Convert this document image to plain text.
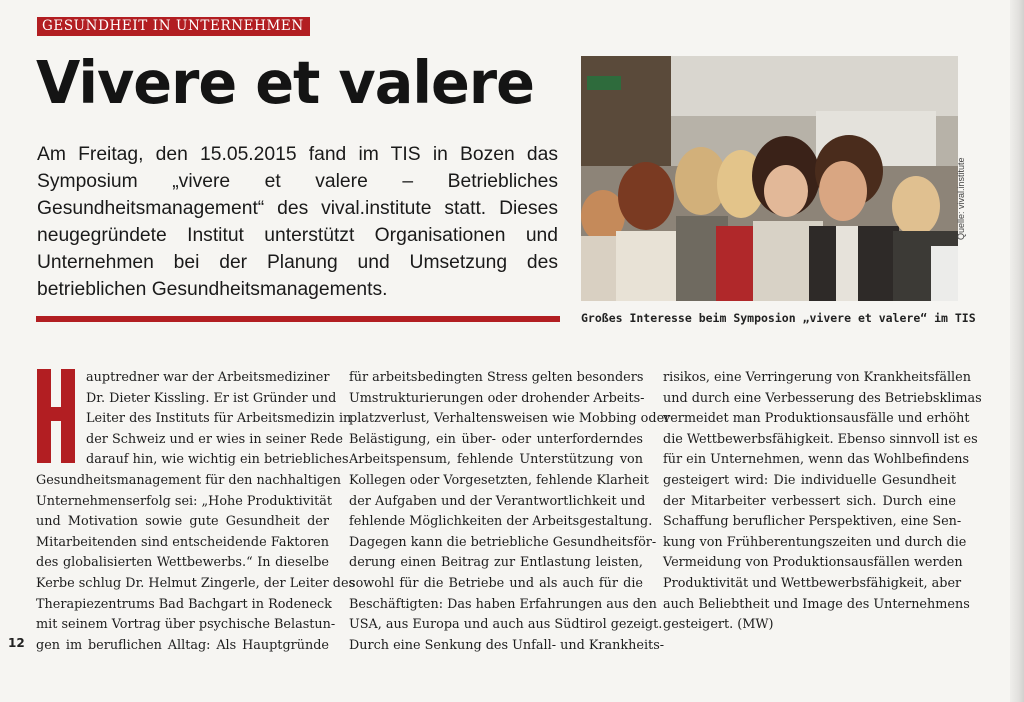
GESUNDHEIT IN UNTERNEHMEN
Vivere et valere

Am Freitag, den 15.05.2015 fand im TIS in Bozen das Symposium „vivere et valere – Betriebliches Gesundheitsmanagement“ des vival.institute statt. Dieses neugegründete Institut unterstützt Organisationen und Unternehmen bei der Planung und Umsetzung des betrieblichen Gesundheitsmanagements.

Quelle: vival.institute
Großes Interesse beim Symposion „vivere et valere“ im TIS
auptredner war der Arbeitsmediziner
Dr. Dieter Kissling. Er ist Gründer und
Leiter des Instituts für Arbeitsmedizin in
der Schweiz und er wies in seiner Rede
darauf hin, wie wichtig ein betriebliches
Gesundheitsmanagement für den nachhaltigen
Unternehmenserfolg sei: „Hohe Produktivität
und Motivation sowie gute Gesundheit der
Mitarbeitenden sind entscheidende Faktoren
des globalisierten Wettbewerbs.“ In dieselbe
Kerbe schlug Dr. Helmut Zingerle, der Leiter des
Therapiezentrums Bad Bachgart in Rodeneck
mit seinem Vortrag über psychische Belastun-
gen im beruflichen Alltag: Als Hauptgründe
für arbeitsbedingten Stress gelten besonders
Umstrukturierungen oder drohender Arbeits-
platzverlust, Verhaltensweisen wie Mobbing oder
Belästigung, ein über- oder unterforderndes
Arbeitspensum, fehlende Unterstützung von
Kollegen oder Vorgesetzten, fehlende Klarheit
der Aufgaben und der Verantwortlichkeit und
fehlende Möglichkeiten der Arbeitsgestaltung.
Dagegen kann die betriebliche Gesundheitsför-
derung einen Beitrag zur Entlastung leisten,
sowohl für die Betriebe und als auch für die
Beschäftigten: Das haben Erfahrungen aus den
USA, aus Europa und auch aus Südtirol gezeigt.
Durch eine Senkung des Unfall- und Krankheits-
risikos, eine Verringerung von Krankheitsfällen
und durch eine Verbesserung des Betriebsklimas
vermeidet man Produktionsausfälle und erhöht
die Wettbewerbsfähigkeit. Ebenso sinnvoll ist es
für ein Unternehmen, wenn das Wohlbefindens
gesteigert wird: Die individuelle Gesundheit
der Mitarbeiter verbessert sich. Durch eine
Schaffung beruflicher Perspektiven, eine Sen-
kung von Frühberentungszeiten und durch die
Vermeidung von Produktionsausfällen werden
Produktivität und Wettbewerbsfähigkeit, aber
auch Beliebtheit und Image des Unternehmens
gesteigert. (MW)
12
